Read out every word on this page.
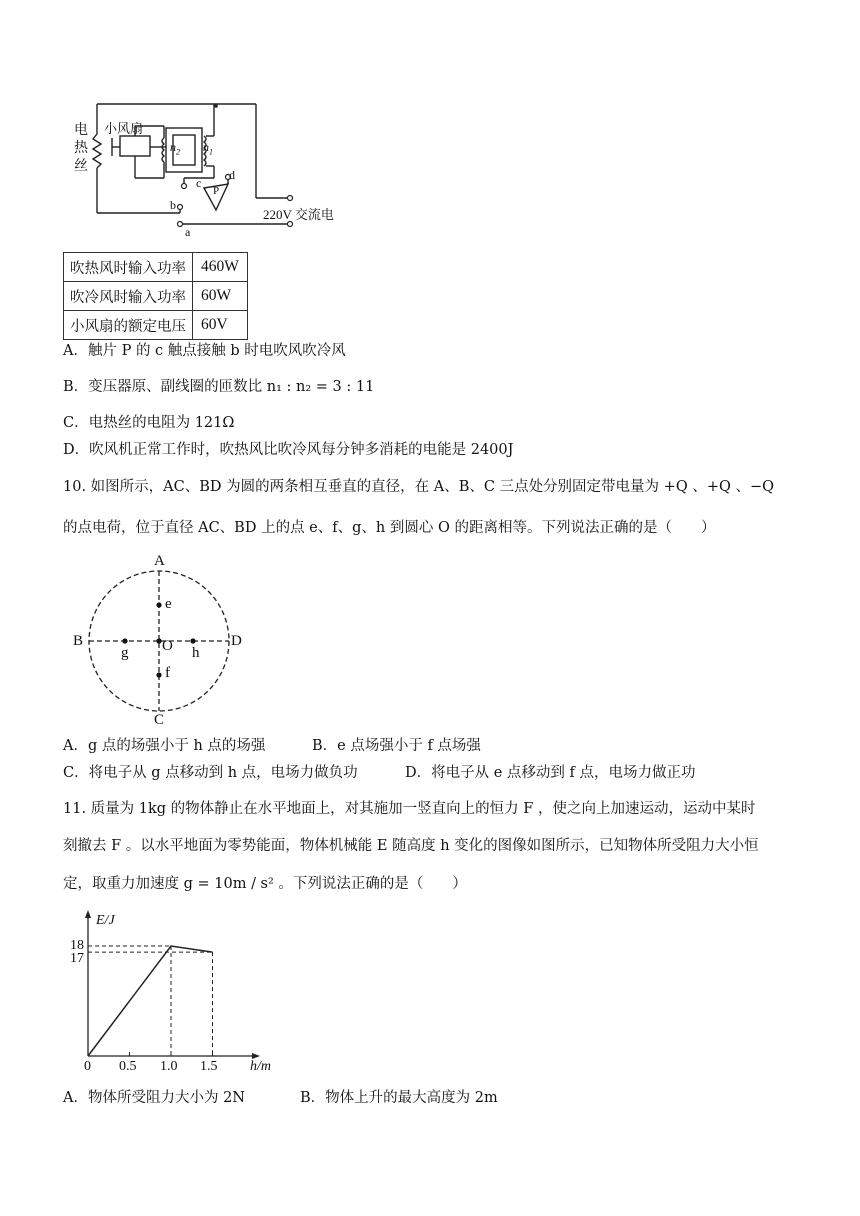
电
热
丝
小风扇
$n_2$ $n_1$
c
d
P
b
a
220V 交流电
吹热风时输入功率	460W
吹冷风时输入功率	60W
小风扇的额定电压	60V
A．触片 P 的 c 触点接触 b 时电吹风吹冷风
B．变压器原、副线圈的匝数比 n₁ : n₂ = 3 : 11
C．电热丝的电阻为 121Ω
D．吹风机正常工作时，吹热风比吹冷风每分钟多消耗的电能是 2400J
10. 如图所示，AC、BD 为圆的两条相互垂直的直径，在 A、B、C 三点处分别固定带电量为 +Q 、+Q 、−Q
的点电荷，位于直径 AC、BD 上的点 e、f、g、h 到圆心 O 的距离相等。下列说法正确的是（　　）
A
B
C
D
O
e
f
g	h
A．g 点的场强小于 h 点的场强	B．e 点场强小于 f 点场强
C．将电子从 g 点移动到 h 点，电场力做负功	D．将电子从 e 点移动到 f 点，电场力做正功
11. 质量为 1kg 的物体静止在水平地面上，对其施加一竖直向上的恒力 F ，使之向上加速运动，运动中某时
刻撤去 F 。以水平地面为零势能面，物体机械能 E 随高度 h 变化的图像如图所示，已知物体所受阻力大小恒
定，取重力加速度 g = 10m / s² 。下列说法正确的是（　　）
E/J
h/m
18
17
0 0.5 1.0 1.5
A．物体所受阻力大小为 2N	B．物体上升的最大高度为 2m
